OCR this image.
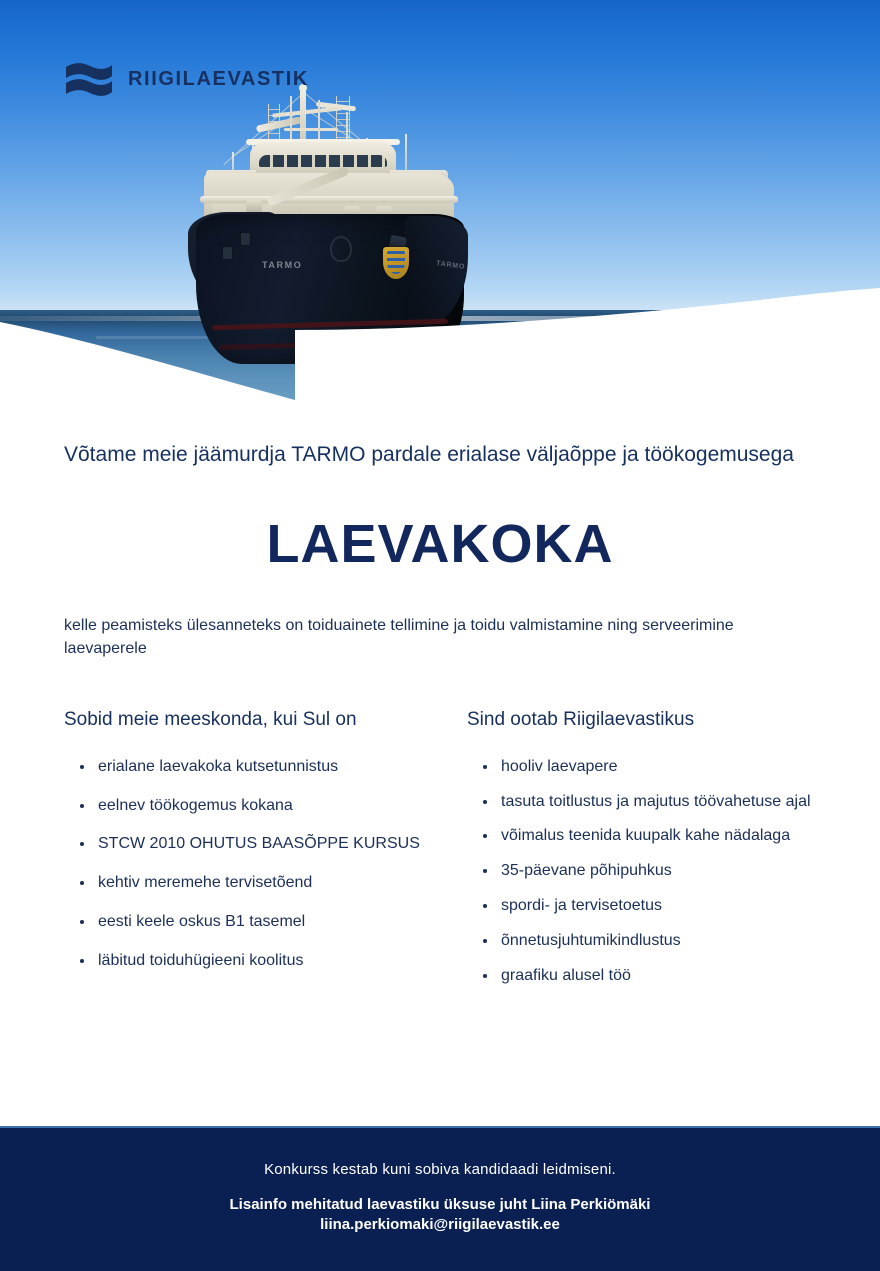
TARMO	TARMO
RIIGILAEVASTIK

Võtame meie jäämurdja TARMO pardale erialase väljaõppe ja töökogemusega

LAEVAKOKA

kelle peamisteks ülesanneteks on toiduainete tellimine ja toidu valmistamine ning serveerimine laevaperele

Sobid meie meeskonda, kui Sul on
erialane laevakoka kutsetunnistus
eelnev töökogemus kokana
STCW 2010 OHUTUS BAASÕPPE KURSUS
kehtiv meremehe tervisetõend
eesti keele oskus B1 tasemel
läbitud toiduhügieeni koolitus
Sind ootab Riigilaevastikus
hooliv laevapere
tasuta toitlustus ja majutus töövahetuse ajal
võimalus teenida kuupalk kahe nädalaga
35-päevane põhipuhkus
spordi- ja tervisetoetus
õnnetusjuhtumikindlustus
graafiku alusel töö
Konkurss kestab kuni sobiva kandidaadi leidmiseni.
Lisainfo mehitatud laevastiku üksuse juht Liina Perkiömäki
liina.perkiomaki@riigilaevastik.ee
